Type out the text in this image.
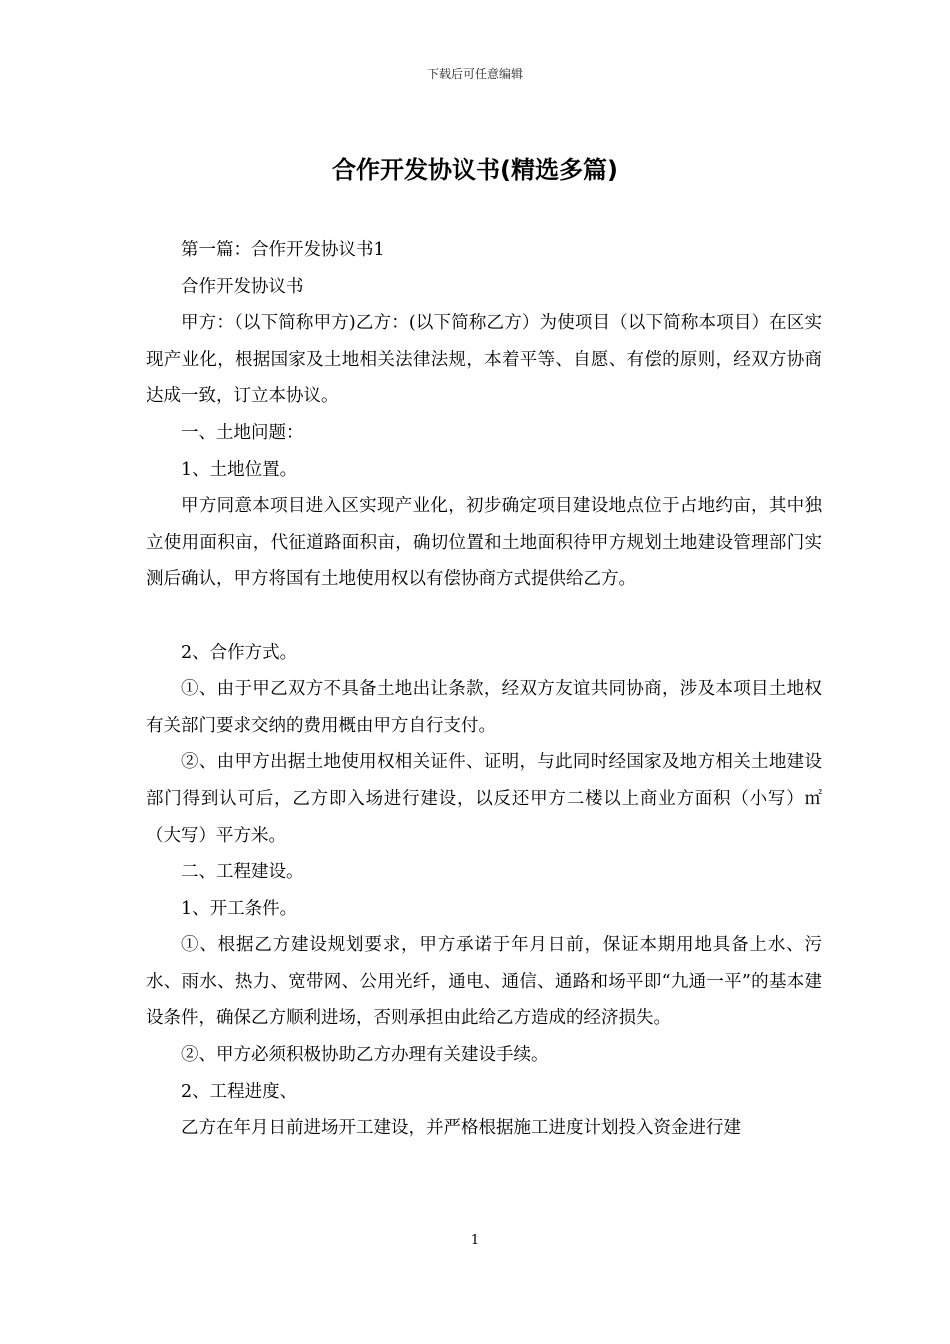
下载后可任意编辑
合作开发协议书(精选多篇)

第一篇：合作开发协议书1

合作开发协议书

甲方：（以下简称甲方)乙方：(以下简称乙方）为使项目（以下简称本项目）在区实现产业化，根据国家及土地相关法律法规，本着平等、自愿、有偿的原则，经双方协商达成一致，订立本协议。

一、土地问题：

1、土地位置。

甲方同意本项目进入区实现产业化，初步确定项目建设地点位于占地约亩，其中独立使用面积亩，代征道路面积亩，确切位置和土地面积待甲方规划土地建设管理部门实测后确认，甲方将国有土地使用权以有偿协商方式提供给乙方。

2、合作方式。

①、由于甲乙双方不具备土地出让条款，经双方友谊共同协商，涉及本项目土地权有关部门要求交纳的费用概由甲方自行支付。

②、由甲方出据土地使用权相关证件、证明，与此同时经国家及地方相关土地建设部门得到认可后，乙方即入场进行建设，以反还甲方二楼以上商业方面积（小写）㎡（大写）平方米。

二、工程建设。

1、开工条件。

①、根据乙方建设规划要求，甲方承诺于年月日前，保证本期用地具备上水、污水、雨水、热力、宽带网、公用光纤，通电、通信、通路和场平即“九通一平”的基本建设条件，确保乙方顺利进场，否则承担由此给乙方造成的经济损失。

②、甲方必须积极协助乙方办理有关建设手续。

2、工程进度、

乙方在年月日前进场开工建设，并严格根据施工进度计划投入资金进行建

1
